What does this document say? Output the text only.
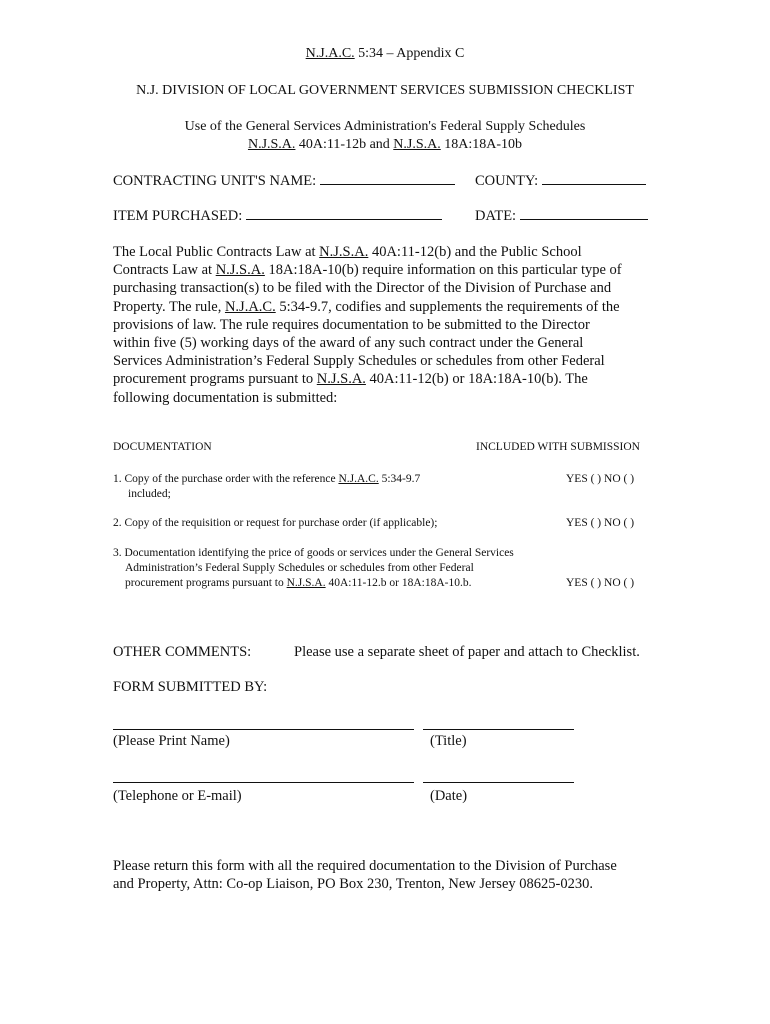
N.J.A.C. 5:34 – Appendix C
N.J. DIVISION OF LOCAL GOVERNMENT SERVICES SUBMISSION CHECKLIST
Use of the General Services Administration's Federal Supply Schedules
N.J.S.A. 40A:11-12b and N.J.S.A. 18A:18A-10b
CONTRACTING UNIT'S NAME:	COUNTY:
ITEM PURCHASED:	DATE:
The Local Public Contracts Law at N.J.S.A. 40A:11-12(b) and the Public School
Contracts Law at N.J.S.A. 18A:18A-10(b) require information on this particular type of
purchasing transaction(s) to be filed with the Director of the Division of Purchase and
Property. The rule, N.J.A.C. 5:34-9.7, codifies and supplements the requirements of the
provisions of law. The rule requires documentation to be submitted to the Director
within five (5) working days of the award of any such contract under the General
Services Administration’s Federal Supply Schedules or schedules from other Federal
procurement programs pursuant to N.J.S.A. 40A:11-12(b) or 18A:18A-10(b). The
following documentation is submitted:
DOCUMENTATION	INCLUDED WITH SUBMISSION
1. Copy of the purchase order with the reference N.J.A.C. 5:34-9.7
included;
YES ( ) NO ( )
2. Copy of the requisition or request for purchase order (if applicable);	YES ( ) NO ( )
3. Documentation identifying the price of goods or services under the General Services
Administration’s Federal Supply Schedules or schedules from other Federal
procurement programs pursuant to N.J.S.A. 40A:11-12.b or 18A:18A-10.b.	YES ( ) NO ( )
OTHER COMMENTS:	Please use a separate sheet of paper and attach to Checklist.
FORM SUBMITTED BY:
(Please Print Name)	(Title)
(Telephone or E-mail)	(Date)
Please return this form with all the required documentation to the Division of Purchase
and Property, Attn: Co-op Liaison, PO Box 230, Trenton, New Jersey 08625-0230.
